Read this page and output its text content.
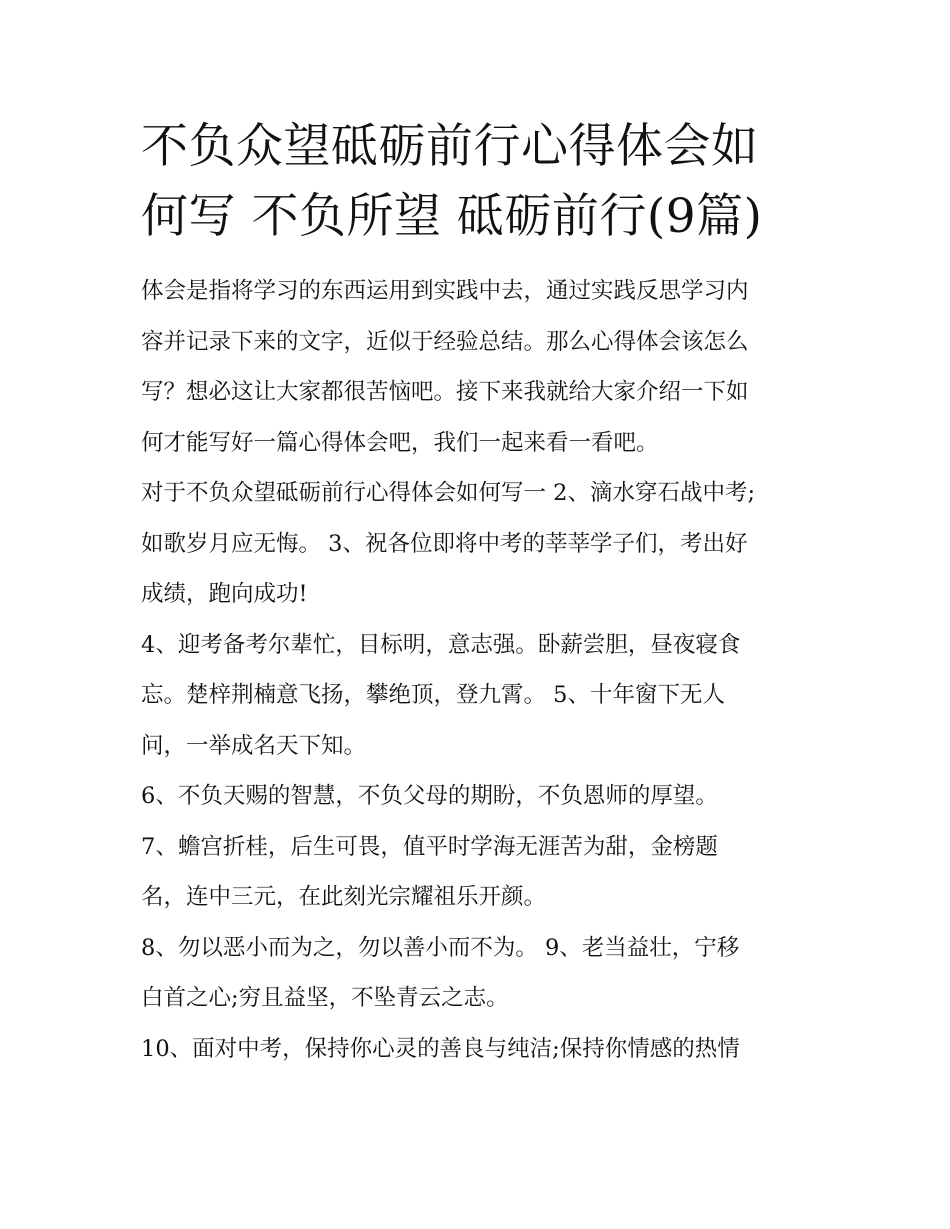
不负众望砥砺前行心得体会如
何写 不负所望 砥砺前行(9篇)

体会是指将学习的东西运用到实践中去，通过实践反思学习内
容并记录下来的文字，近似于经验总结。那么心得体会该怎么
写？想必这让大家都很苦恼吧。接下来我就给大家介绍一下如
何才能写好一篇心得体会吧，我们一起来看一看吧。

对于不负众望砥砺前行心得体会如何写一 2、滴水穿石战中考;
如歌岁月应无悔。 3、祝各位即将中考的莘莘学子们，考出好
成绩，跑向成功!

4、迎考备考尔辈忙，目标明，意志强。卧薪尝胆，昼夜寝食
忘。楚梓荆楠意飞扬，攀绝顶，登九霄。 5、十年窗下无人
问，一举成名天下知。

6、不负天赐的智慧，不负父母的期盼，不负恩师的厚望。

7、蟾宫折桂，后生可畏，值平时学海无涯苦为甜，金榜题
名，连中三元，在此刻光宗耀祖乐开颜。

8、勿以恶小而为之，勿以善小而不为。 9、老当益壮，宁移
白首之心;穷且益坚，不坠青云之志。

10、面对中考，保持你心灵的善良与纯洁;保持你情感的热情
